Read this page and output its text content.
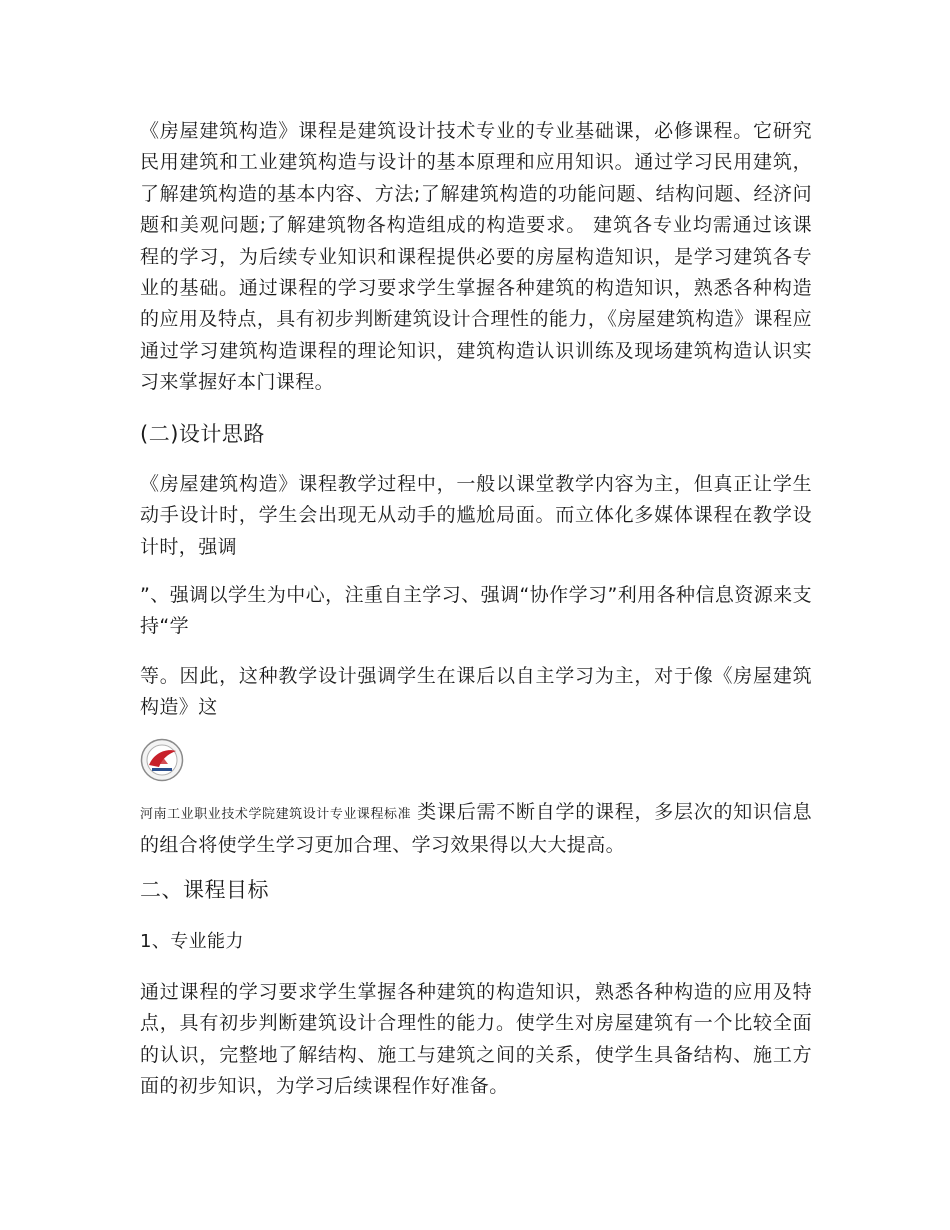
《房屋建筑构造》课程是建筑设计技术专业的专业基础课，必修课程。它研究民用建筑和工业建筑构造与设计的基本原理和应用知识。通过学习民用建筑，了解建筑构造的基本内容、方法;了解建筑构造的功能问题、结构问题、经济问题和美观问题;了解建筑物各构造组成的构造要求。 建筑各专业均需通过该课程的学习，为后续专业知识和课程提供必要的房屋构造知识，是学习建筑各专业的基础。通过课程的学习要求学生掌握各种建筑的构造知识，熟悉各种构造的应用及特点，具有初步判断建筑设计合理性的能力，《房屋建筑构造》课程应通过学习建筑构造课程的理论知识，建筑构造认识训练及现场建筑构造认识实习来掌握好本门课程。

(二)设计思路

《房屋建筑构造》课程教学过程中，一般以课堂教学内容为主，但真正让学生动手设计时，学生会出现无从动手的尴尬局面。而立体化多媒体课程在教学设计时，强调

”、强调以学生为中心，注重自主学习、强调“协作学习”利用各种信息资源来支持“学

等。因此，这种教学设计强调学生在课后以自主学习为主，对于像《房屋建筑构造》这

河南工业职业技术学院建筑设计专业课程标准 类课后需不断自学的课程，多层次的知识信息的组合将使学生学习更加合理、学习效果得以大大提高。

二、课程目标
1、专业能力

通过课程的学习要求学生掌握各种建筑的构造知识，熟悉各种构造的应用及特点，具有初步判断建筑设计合理性的能力。使学生对房屋建筑有一个比较全面的认识，完整地了解结构、施工与建筑之间的关系，使学生具备结构、施工方面的初步知识，为学习后续课程作好准备。
